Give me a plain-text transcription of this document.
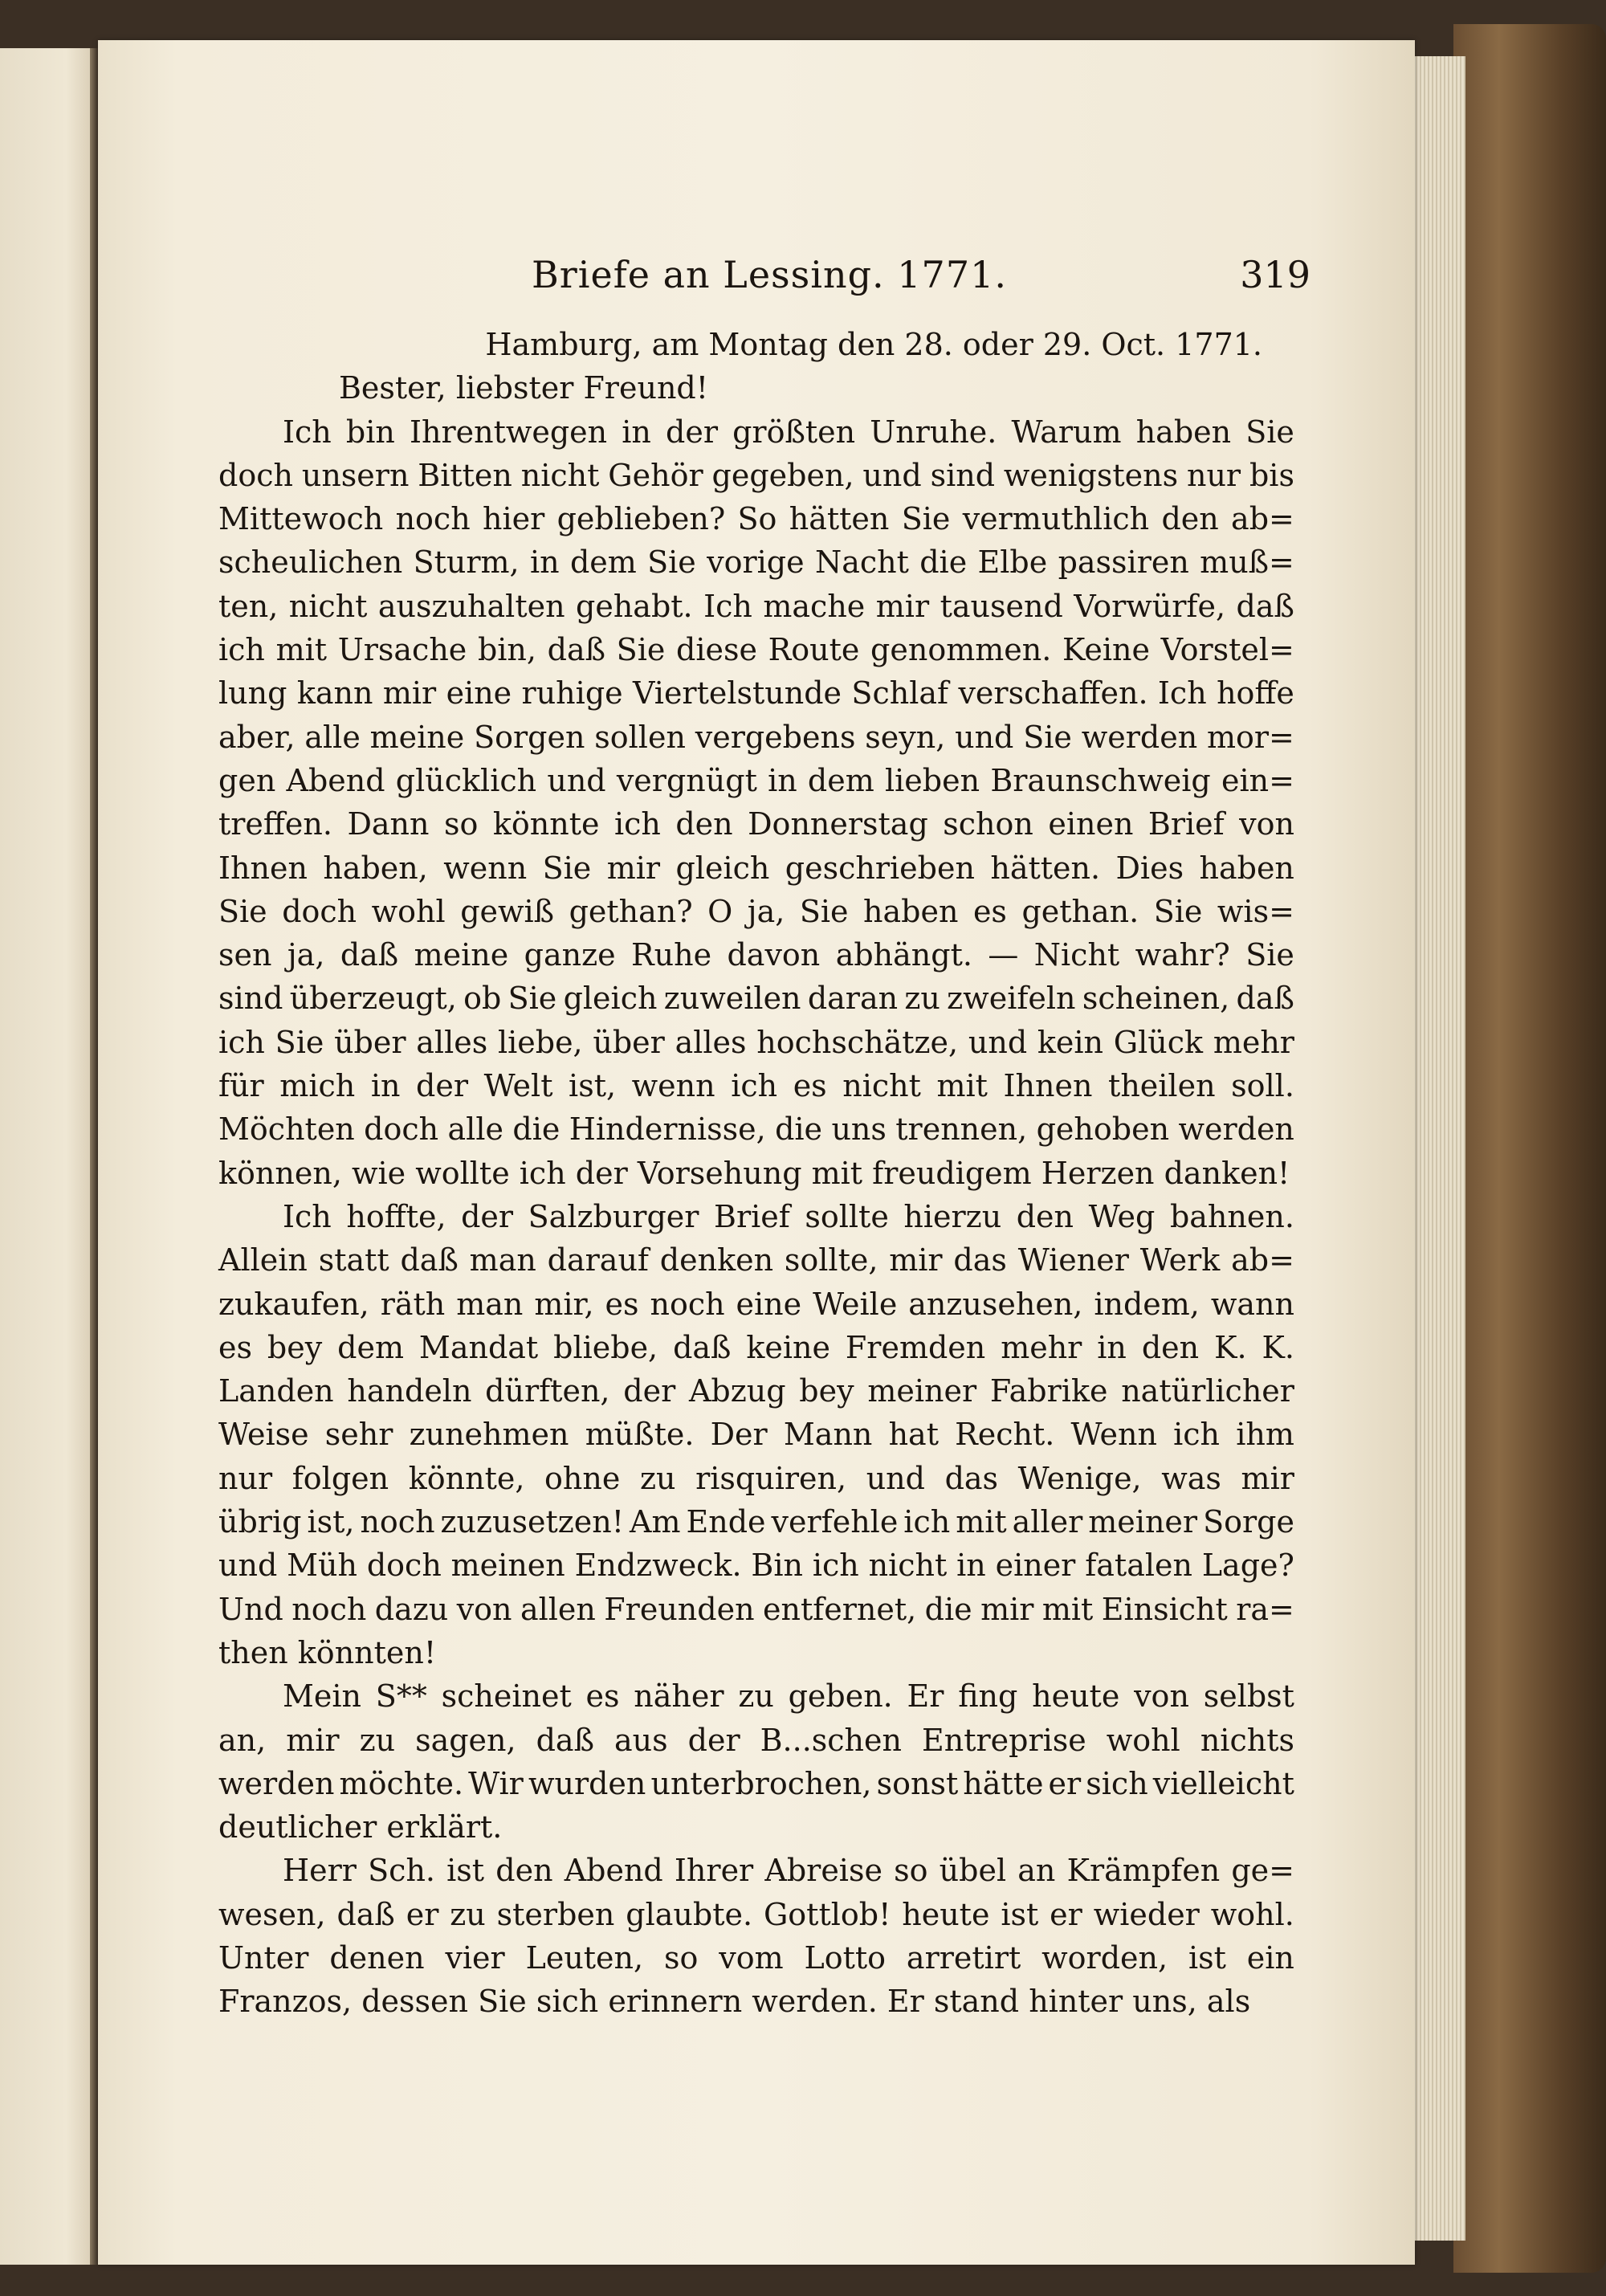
Briefe an Lessing. 1771.	319
Hamburg, am Montag den 28. oder 29. Oct. 1771.
Bester, liebster Freund!
Ich bin Ihrentwegen in der größten Unruhe. Warum haben Sie
doch unsern Bitten nicht Gehör gegeben, und sind wenigstens nur bis
Mittewoch noch hier geblieben? So hätten Sie vermuthlich den ab=
scheulichen Sturm, in dem Sie vorige Nacht die Elbe passiren muß=
ten, nicht auszuhalten gehabt. Ich mache mir tausend Vorwürfe, daß
ich mit Ursache bin, daß Sie diese Route genommen. Keine Vorstel=
lung kann mir eine ruhige Viertelstunde Schlaf verschaffen. Ich hoffe
aber, alle meine Sorgen sollen vergebens seyn, und Sie werden mor=
gen Abend glücklich und vergnügt in dem lieben Braunschweig ein=
treffen. Dann so könnte ich den Donnerstag schon einen Brief von
Ihnen haben, wenn Sie mir gleich geschrieben hätten. Dies haben
Sie doch wohl gewiß gethan? O ja, Sie haben es gethan. Sie wis=
sen ja, daß meine ganze Ruhe davon abhängt. — Nicht wahr? Sie
sind überzeugt, ob Sie gleich zuweilen daran zu zweifeln scheinen, daß
ich Sie über alles liebe, über alles hochschätze, und kein Glück mehr
für mich in der Welt ist, wenn ich es nicht mit Ihnen theilen soll.
Möchten doch alle die Hindernisse, die uns trennen, gehoben werden
können, wie wollte ich der Vorsehung mit freudigem Herzen danken!
Ich hoffte, der Salzburger Brief sollte hierzu den Weg bahnen.
Allein statt daß man darauf denken sollte, mir das Wiener Werk ab=
zukaufen, räth man mir, es noch eine Weile anzusehen, indem, wann
es bey dem Mandat bliebe, daß keine Fremden mehr in den K. K.
Landen handeln dürften, der Abzug bey meiner Fabrike natürlicher
Weise sehr zunehmen müßte. Der Mann hat Recht. Wenn ich ihm
nur folgen könnte, ohne zu risquiren, und das Wenige, was mir
übrig ist, noch zuzusetzen! Am Ende verfehle ich mit aller meiner Sorge
und Müh doch meinen Endzweck. Bin ich nicht in einer fatalen Lage?
Und noch dazu von allen Freunden entfernet, die mir mit Einsicht ra=
then könnten!
Mein S** scheinet es näher zu geben. Er fing heute von selbst
an, mir zu sagen, daß aus der B...schen Entreprise wohl nichts
werden möchte. Wir wurden unterbrochen, sonst hätte er sich vielleicht
deutlicher erklärt.
Herr Sch. ist den Abend Ihrer Abreise so übel an Krämpfen ge=
wesen, daß er zu sterben glaubte. Gottlob! heute ist er wieder wohl.
Unter denen vier Leuten, so vom Lotto arretirt worden, ist ein
Franzos, dessen Sie sich erinnern werden. Er stand hinter uns, als
